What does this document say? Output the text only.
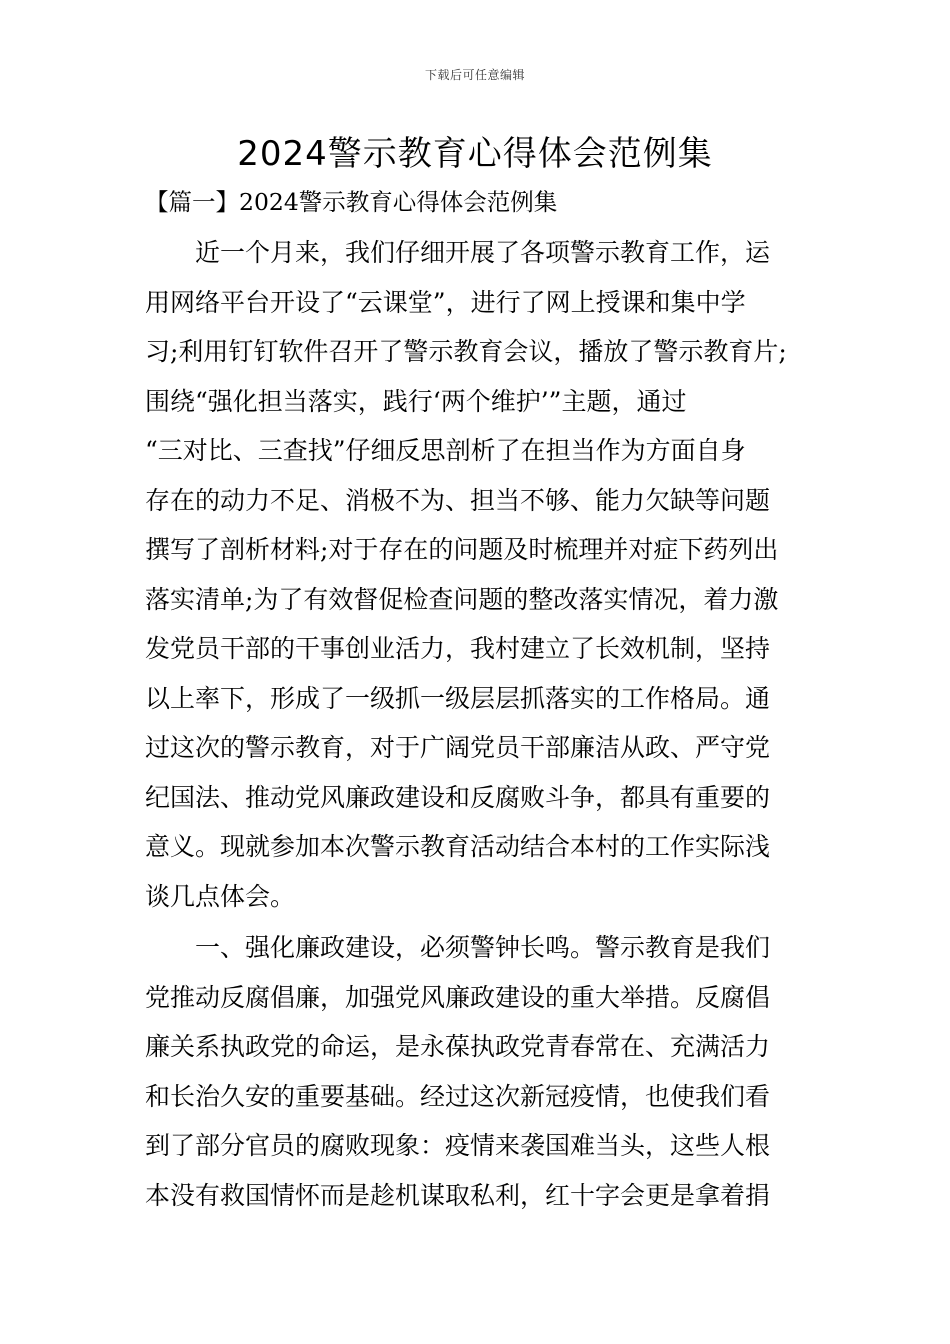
下载后可任意编辑
2024警示教育心得体会范例集
【篇一】2024警示教育心得体会范例集
　　近一个月来，我们仔细开展了各项警示教育工作，运
用网络平台开设了“云课堂”，进行了网上授课和集中学
习;利用钉钉软件召开了警示教育会议，播放了警示教育片;
围绕“强化担当落实，践行‘两个维护’”主题，通过
“三对比、三查找”仔细反思剖析了在担当作为方面自身
存在的动力不足、消极不为、担当不够、能力欠缺等问题
撰写了剖析材料;对于存在的问题及时梳理并对症下药列出
落实清单;为了有效督促检查问题的整改落实情况，着力激
发党员干部的干事创业活力，我村建立了长效机制，坚持
以上率下，形成了一级抓一级层层抓落实的工作格局。通
过这次的警示教育，对于广阔党员干部廉洁从政、严守党
纪国法、推动党风廉政建设和反腐败斗争，都具有重要的
意义。现就参加本次警示教育活动结合本村的工作实际浅
谈几点体会。
　　一、强化廉政建设，必须警钟长鸣。警示教育是我们
党推动反腐倡廉，加强党风廉政建设的重大举措。反腐倡
廉关系执政党的命运，是永葆执政党青春常在、充满活力
和长治久安的重要基础。经过这次新冠疫情，也使我们看
到了部分官员的腐败现象：疫情来袭国难当头，这些人根
本没有救国情怀而是趁机谋取私利，红十字会更是拿着捐
